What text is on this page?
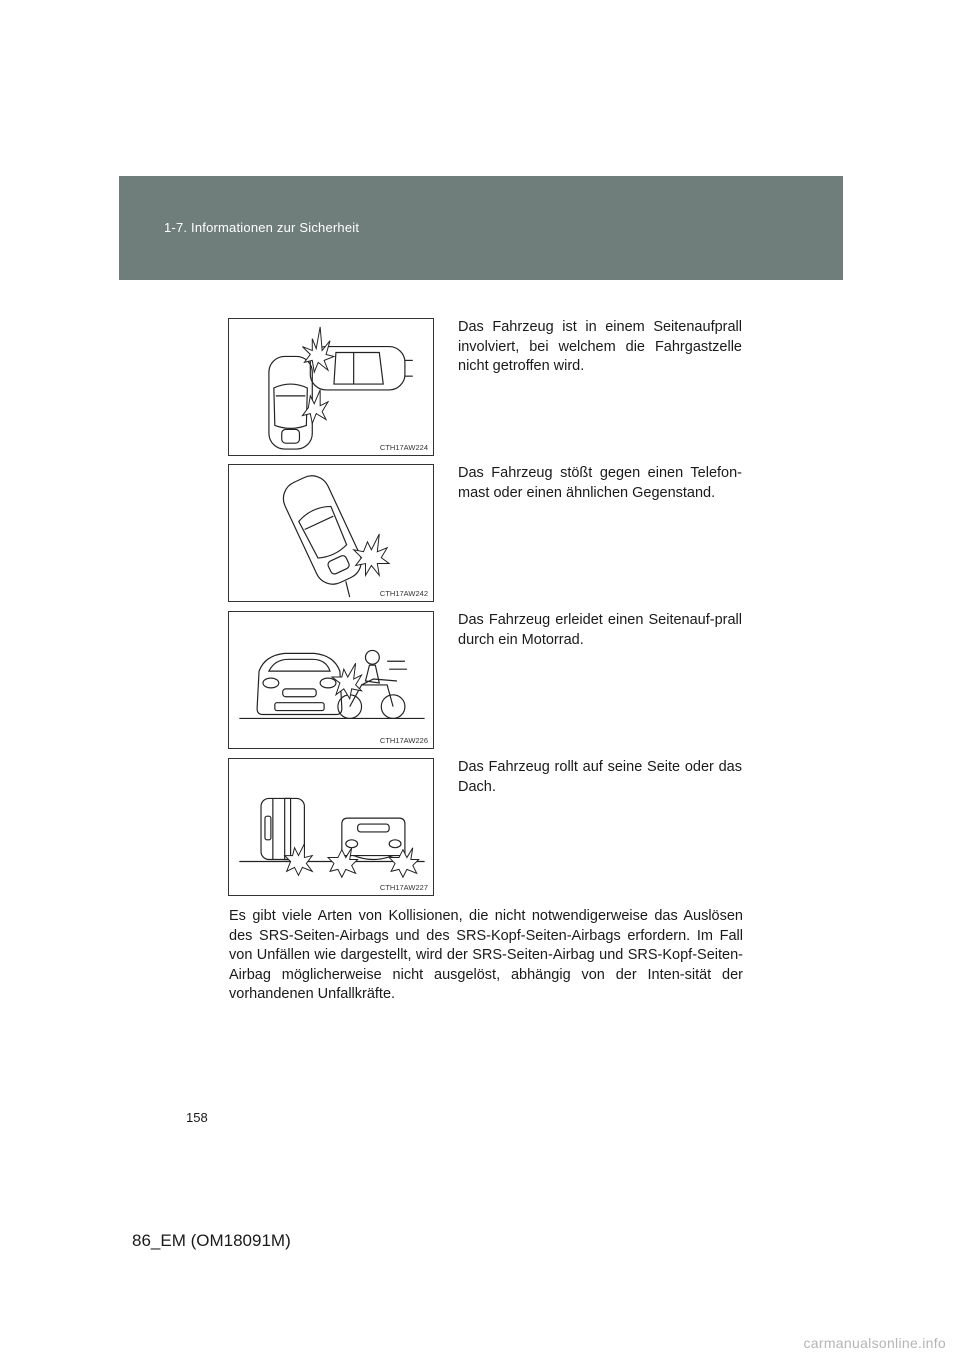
1-7. Informationen zur Sicherheit
CTH17AW224

Das Fahrzeug ist in einem Seitenaufprall involviert, bei welchem die Fahrgastzelle nicht getroffen wird.

CTH17AW242

Das Fahrzeug stößt gegen einen Telefon-mast oder einen ähnlichen Gegenstand.

CTH17AW226

Das Fahrzeug erleidet einen Seitenauf-prall durch ein Motorrad.

CTH17AW227

Das Fahrzeug rollt auf seine Seite oder das Dach.

Es gibt viele Arten von Kollisionen, die nicht notwendigerweise das Auslösen des SRS-Seiten-Airbags und des SRS-Kopf-Seiten-Airbags erfordern. Im Fall von Unfällen wie dargestellt, wird der SRS-Seiten-Airbag und SRS-Kopf-Seiten-Airbag möglicherweise nicht ausgelöst, abhängig von der Inten-sität der vorhandenen Unfallkräfte.

158
86_EM (OM18091M)
carmanualsonline.info
